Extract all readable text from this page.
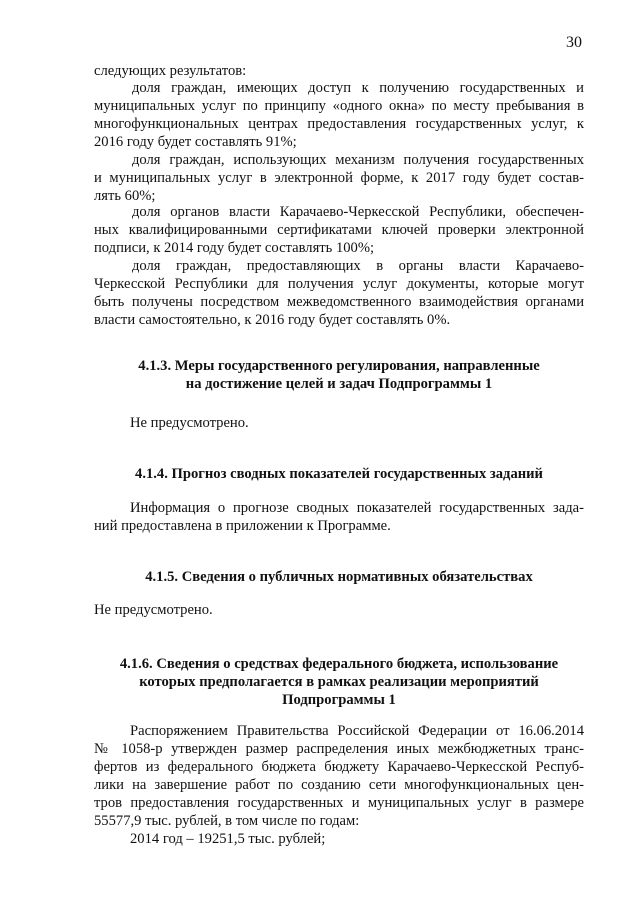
30
следующих результатов:
доля граждан, имеющих доступ к получению государственных и
муниципальных услуг по принципу «одного окна» по месту пребывания в
многофункциональных центрах предоставления государственных услуг, к
2016 году будет составлять 91%;
доля граждан, использующих механизм получения государственных
и муниципальных услуг в электронной форме, к 2017 году будет состав-
лять 60%;
доля органов власти Карачаево-Черкесской Республики, обеспечен-
ных квалифицированными сертификатами ключей проверки электронной
подписи, к 2014 году будет составлять 100%;
доля граждан, предоставляющих в органы власти Карачаево-
Черкесской Республики для получения услуг документы, которые могут
быть получены посредством межведомственного взаимодействия органами
власти самостоятельно, к 2016 году будет составлять 0%.
4.1.3. Меры государственного регулирования, направленные
на достижение целей и задач Подпрограммы 1
Не предусмотрено.
4.1.4. Прогноз сводных показателей государственных заданий
Информация о прогнозе сводных показателей государственных зада-
ний предоставлена в приложении к Программе.
4.1.5. Сведения о публичных нормативных обязательствах
Не предусмотрено.
4.1.6. Сведения о средствах федерального бюджета, использование
которых предполагается в рамках реализации мероприятий
Подпрограммы 1
Распоряжением Правительства Российской Федерации от 16.06.2014
№ 1058-р утвержден размер распределения иных межбюджетных транс-
фертов из федерального бюджета бюджету Карачаево-Черкесской Респуб-
лики на завершение работ по созданию сети многофункциональных цен-
тров предоставления государственных и муниципальных услуг в размере
55577,9 тыс. рублей, в том числе по годам:
2014 год – 19251,5 тыс. рублей;
